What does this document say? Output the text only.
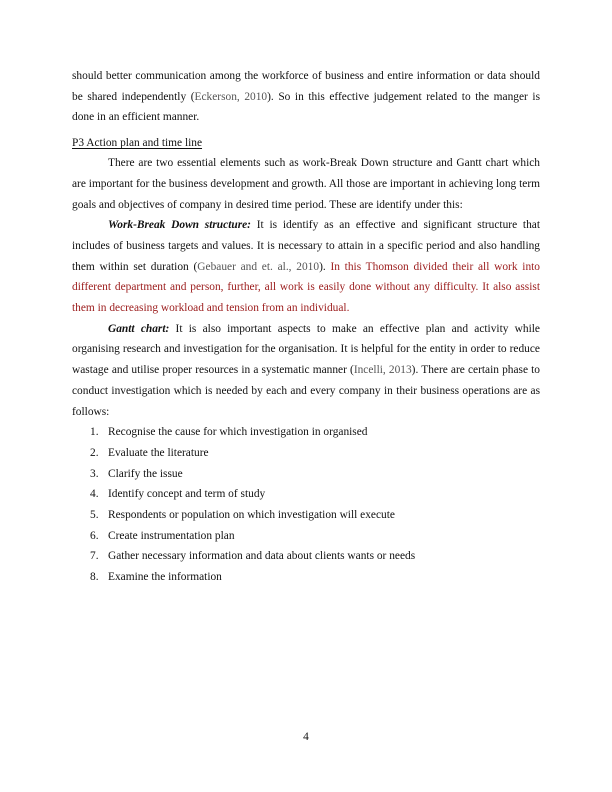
should better communication among the workforce of business and entire information or data should be shared independently (Eckerson, 2010). So in this effective judgement related to the manger is done in an efficient manner.

P3 Action plan and time line

There are two essential elements such as work-Break Down structure and Gantt chart which are important for the business development and growth. All those are important in achieving long term goals and objectives of company in desired time period. These are identify under this:

Work-Break Down structure: It is identify as an effective and significant structure that includes of business targets and values. It is necessary to attain in a specific period and also handling them within set duration (Gebauer and et. al., 2010). In this Thomson divided their all work into different department and person, further, all work is easily done without any difficulty. It also assist them in decreasing workload and tension from an individual.

Gantt chart: It is also important aspects to make an effective plan and activity while organising research and investigation for the organisation. It is helpful for the entity in order to reduce wastage and utilise proper resources in a systematic manner (Incelli, 2013). There are certain phase to conduct investigation which is needed by each and every company in their business operations are as follows:

1. Recognise the cause for which investigation in organised
2. Evaluate the literature
3. Clarify the issue
4. Identify concept and term of study
5. Respondents or population on which investigation will execute
6. Create instrumentation plan
7. Gather necessary information and data about clients wants or needs
8. Examine the information
4
